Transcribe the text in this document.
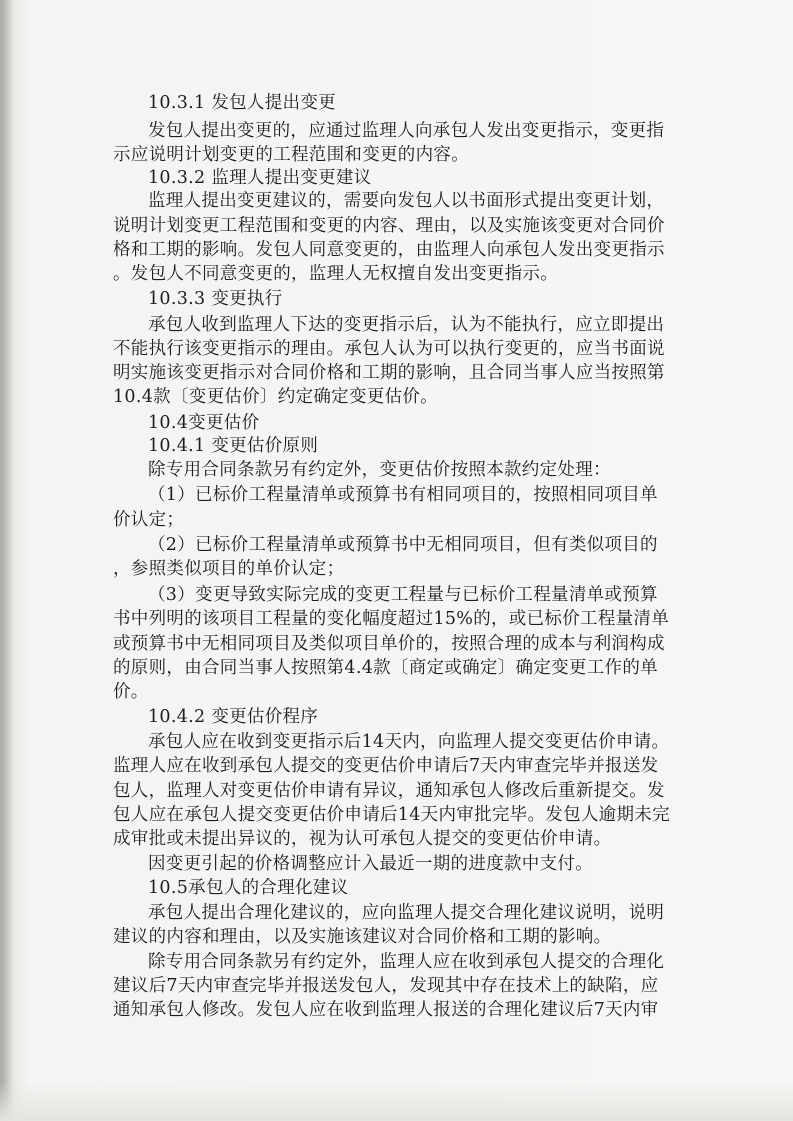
10.3.1 发包人提出变更
发包人提出变更的，应通过监理人向承包人发出变更指示，变更指
示应说明计划变更的工程范围和变更的内容。
10.3.2 监理人提出变更建议
监理人提出变更建议的，需要向发包人以书面形式提出变更计划，
说明计划变更工程范围和变更的内容、理由，以及实施该变更对合同价
格和工期的影响。发包人同意变更的，由监理人向承包人发出变更指示
。发包人不同意变更的，监理人无权擅自发出变更指示。
10.3.3 变更执行
承包人收到监理人下达的变更指示后，认为不能执行，应立即提出
不能执行该变更指示的理由。承包人认为可以执行变更的，应当书面说
明实施该变更指示对合同价格和工期的影响，且合同当事人应当按照第
10.4款〔变更估价〕约定确定变更估价。
10.4变更估价
10.4.1 变更估价原则
除专用合同条款另有约定外，变更估价按照本款约定处理：
（1）已标价工程量清单或预算书有相同项目的，按照相同项目单
价认定；
（2）已标价工程量清单或预算书中无相同项目，但有类似项目的
，参照类似项目的单价认定；
（3）变更导致实际完成的变更工程量与已标价工程量清单或预算
书中列明的该项目工程量的变化幅度超过15%的，或已标价工程量清单
或预算书中无相同项目及类似项目单价的，按照合理的成本与利润构成
的原则，由合同当事人按照第4.4款〔商定或确定〕确定变更工作的单
价。
10.4.2 变更估价程序
承包人应在收到变更指示后14天内，向监理人提交变更估价申请。
监理人应在收到承包人提交的变更估价申请后7天内审查完毕并报送发
包人，监理人对变更估价申请有异议，通知承包人修改后重新提交。发
包人应在承包人提交变更估价申请后14天内审批完毕。发包人逾期未完
成审批或未提出异议的，视为认可承包人提交的变更估价申请。
因变更引起的价格调整应计入最近一期的进度款中支付。
10.5承包人的合理化建议
承包人提出合理化建议的，应向监理人提交合理化建议说明，说明
建议的内容和理由，以及实施该建议对合同价格和工期的影响。
除专用合同条款另有约定外，监理人应在收到承包人提交的合理化
建议后7天内审查完毕并报送发包人，发现其中存在技术上的缺陷，应
通知承包人修改。发包人应在收到监理人报送的合理化建议后7天内审
